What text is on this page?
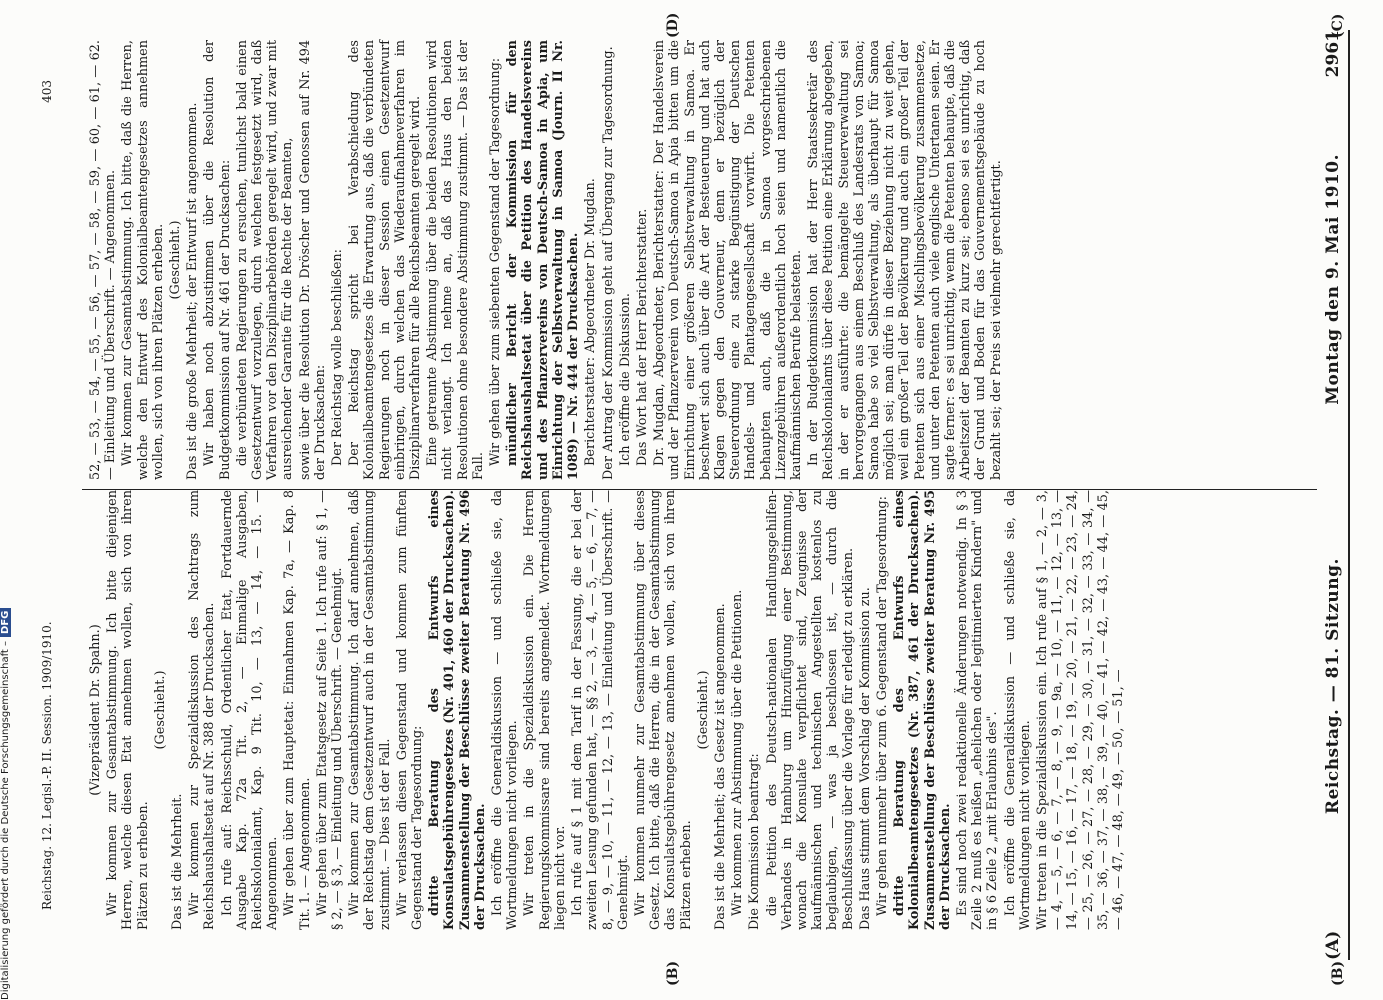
(A)
Reichstag. — 81. Sitzung.
Montag den 9. Mai 1910.
2961

(Vizepräsident Dr. Spahn.) Wir kommen zur Gesamtabstimmung. Ich bitte diejenigen Herren, welche diesen Etat annehmen wollen, sich von ihren Plätzen zu erheben.

(Geschieht.)

Das ist die Mehrheit. Wir kommen zur Spezialdiskussion des Nachtrags zum Reichshaushaltsetat auf Nr. 388 der Drucksachen. Ich rufe auf: Reichsschuld, Ordentlicher Etat, Fortdauernde Ausgabe Kap. 72a Tit. 2, — Einmalige Ausgaben, Reichskolonialamt, Kap. 9 Tit. 10, — 13, — 14, — 15. — Angenommen. Wir gehen über zum Hauptetat: Einnahmen Kap. 7a, — Kap. 8 Tit. 1. — Angenommen. Wir gehen über zum Etatsgesetz auf Seite 1. Ich rufe auf: § 1, — § 2, — § 3, — Einleitung und Überschrift. — Genehmigt. Wir kommen zur Gesamtabstimmung. Ich darf annehmen, daß der Reichstag dem Gesetzentwurf auch in der Gesamtabstimmung zustimmt. — Dies ist der Fall. Wir verlassen diesen Gegenstand und kommen zum fünften Gegenstand der Tagesordnung: dritte Beratung des Entwurfs eines Konsulatsgebührengesetzes (Nr. 401, 460 der Drucksachen). Zusammenstellung der Beschlüsse zweiter Beratung Nr. 496 der Drucksachen. Ich eröffne die Generaldiskussion — und schließe sie, da Wortmeldungen nicht vorliegen. Wir treten in die Spezialdiskussion ein. Die Herren Regierungskommissare sind bereits angemeldet. Wortmeldungen liegen nicht vor. Ich rufe auf § 1 mit dem Tarif in der Fassung, die er bei der zweiten Lesung gefunden hat, — §§ 2, — 3, — 4, — 5, — 6, — 7, — 8, — 9, — 10, — 11, — 12, — 13, — Einleitung und Überschrift. — Genehmigt. Wir kommen nunmehr zur Gesamtabstimmung über dieses Gesetz. Ich bitte, daß die Herren, die in der Gesamtabstimmung das Konsulatsgebührengesetz annehmen wollen, sich von ihren Plätzen erheben.

(Geschieht.) Das ist die Mehrheit; das Gesetz ist angenommen. Wir kommen zur Abstimmung über die Petitionen. Die Kommission beantragt: die Petition des Deutsch-nationalen Handlungsgehilfen-Verbandes in Hamburg um Hinzufügung einer Bestimmung, wonach die Konsulate verpflichtet sind, Zeugnisse der kaufmännischen und technischen Angestellten kostenlos zu beglaubigen, — was ja beschlossen ist, — durch die Beschlußfassung über die Vorlage für erledigt zu erklären. Das Haus stimmt dem Vorschlag der Kommission zu. Wir gehen nunmehr über zum 6. Gegenstand der Tagesordnung: dritte Beratung des Entwurfs eines Kolonialbeamtengesetzes (Nr. 387, 461 der Drucksachen). Zusammenstellung der Beschlüsse zweiter Beratung Nr. 495 der Drucksachen. Es sind noch zwei redaktionelle Änderungen notwendig. In § 3 Zeile 2 muß es heißen „ehelichen oder legitimierten Kindern" und in § 6 Zeile 2 „mit Erlaubnis des". Ich eröffne die Generaldiskussion — und schließe sie, da Wortmeldungen nicht vorliegen. Wir treten in die Spezialdiskussion ein. Ich rufe auf § 1, — 2, — 3, — 4, — 5, — 6, — 7, — 8, — 9, — 9a, — 10, — 11, — 12, — 13, — 14, — 15, — 16, — 17, — 18, — 19, — 20, — 21, — 22, — 23, — 24, — 25, — 26, — 27, — 28, — 29, — 30, — 31, — 32, — 33, — 34, — 35, — 36, — 37, — 38, — 39, — 40, — 41, — 42, — 43, — 44, — 45, — 46, — 47, — 48, — 49, — 50, — 51, —

52, — 53, — 54, — 55, — 56, — 57, — 58, — 59, — 60, — 61, — 62. — Einleitung und Überschrift. — Angenommen. Wir kommen zur Gesamtabstimmung. Ich bitte, daß die Herren, welche den Entwurf des Kolonialbeamtengesetzes annehmen wollen, sich von ihren Plätzen erheben. (Geschieht.) Das ist die große Mehrheit; der Entwurf ist angenommen. Wir haben noch abzustimmen über die Resolution der Budgetkommission auf Nr. 461 der Drucksachen: die verbündeten Regierungen zu ersuchen, tunlichst bald einen Gesetzentwurf vorzulegen, durch welchen festgesetzt wird, daß Verfahren vor den Disziplinarbehörden geregelt wird, und zwar mit ausreichender Garantie für die Rechte der Beamten, sowie über die Resolution Dr. Dröscher und Genossen auf Nr. 494 der Drucksachen: Der Reichstag wolle beschließen: Der Reichstag spricht bei Verabschiedung des Kolonialbeamtengesetzes die Erwartung aus, daß die verbündeten Regierungen noch in dieser Session einen Gesetzentwurf einbringen, durch welchen das Wiederaufnahmeverfahren im Disziplinarverfahren für alle Reichsbeamten geregelt wird. Eine getrennte Abstimmung über die beiden Resolutionen wird nicht verlangt. Ich nehme an, daß das Haus den beiden Resolutionen ohne besondere Abstimmung zustimmt. — Das ist der Fall.

Wir gehen über zum siebenten Gegenstand der Tagesordnung: mündlicher Bericht der Kommission für den Reichshaushaltsetat über die Petition des Handelsvereins und des Pflanzervereins von Deutsch-Samoa in Apia, um Einrichtung der Selbstverwaltung in Samoa (Journ. II Nr. 1089) — Nr. 444 der Drucksachen. Berichterstatter: Abgeordneter Dr. Mugdan. Der Antrag der Kommission geht auf Übergang zur Tagesordnung. Ich eröffne die Diskussion. Das Wort hat der Herr Berichterstatter. Dr. Mugdan, Abgeordneter, Berichterstatter: Der Handelsverein und der Pflanzerverein von Deutsch-Samoa in Apia bitten um die Einrichtung einer größeren Selbstverwaltung in Samoa. Er beschwert sich auch über die Art der Besteuerung und hat auch Klagen gegen den Gouverneur, denn er bezüglich der Steuerordnung eine zu starke Begünstigung der Deutschen Handels- und Plantagengesellschaft vorwirft. Die Petenten behaupten auch, daß die in Samoa vorgeschriebenen Lizenzgebühren außerordentlich hoch seien und namentlich die kaufmännischen Berufe belasteten. In der Budgetkommission hat der Herr Staatssekretär des Reichskolonialamts über diese Petition eine Erklärung abgegeben, in der er ausführte: die bemängelte Steuerverwaltung sei hervorgegangen aus einem Beschluß des Landesrats von Samoa; Samoa habe so viel Selbstverwaltung, als überhaupt für Samoa möglich sei; man dürfe in dieser Beziehung nicht zu weit gehen, weil ein großer Teil der Bevölkerung und auch ein großer Teil der Petenten sich aus einer Mischlingsbevölkerung zusammensetze, und unter den Petenten auch viele englische Untertanen seien. Er sagte ferner: es sei unrichtig, wenn die Petenten behaupte, daß die Arbeitszeit der Beamten zu kurz sei; ebenso sei es unrichtig, daß der Grund und Boden für das Gouvernementsgebäude zu hoch bezahlt sei; der Preis sei vielmehr gerechtfertigt.

(B)
(B)
(C)
(D)
Reichstag. 12. Legisl.-P. II. Session. 1909/1910.
403
Digitalisierung gefördert durch die Deutsche Forschungsgemeinschaft –DFG
